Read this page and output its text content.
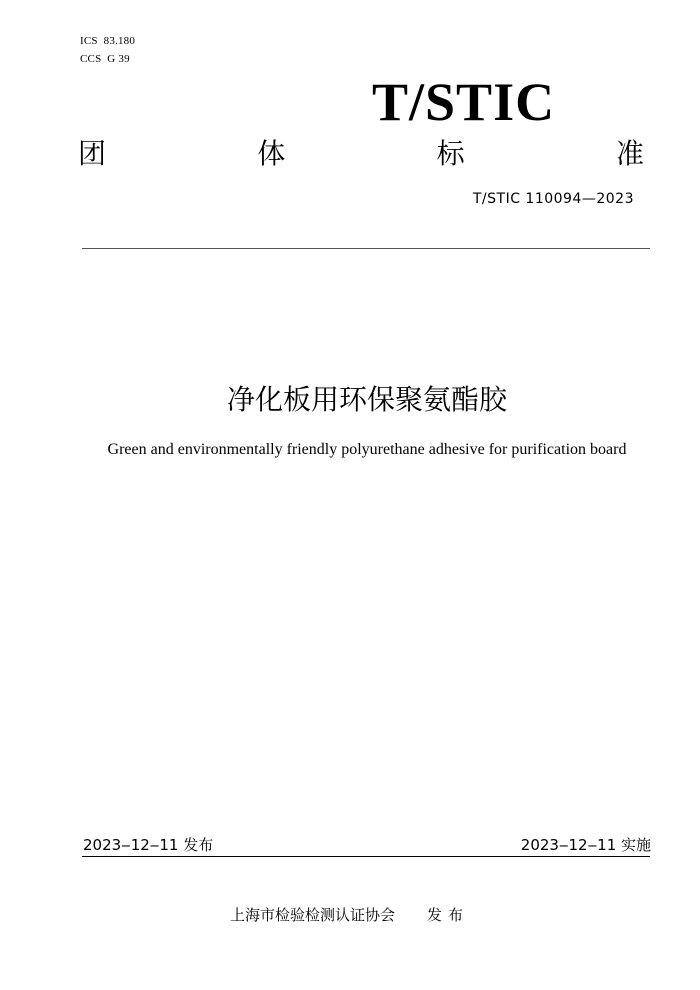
ICS  83.180
CCS  G 39
T/STIC
团	体	标	准
T/STIC 110094—2023
净化板用环保聚氨酯胶
Green and environmentally friendly polyurethane adhesive for purification board
2023‒12‒11 发布	2023‒12‒11 实施
上海市检验检测认证协会 发布
